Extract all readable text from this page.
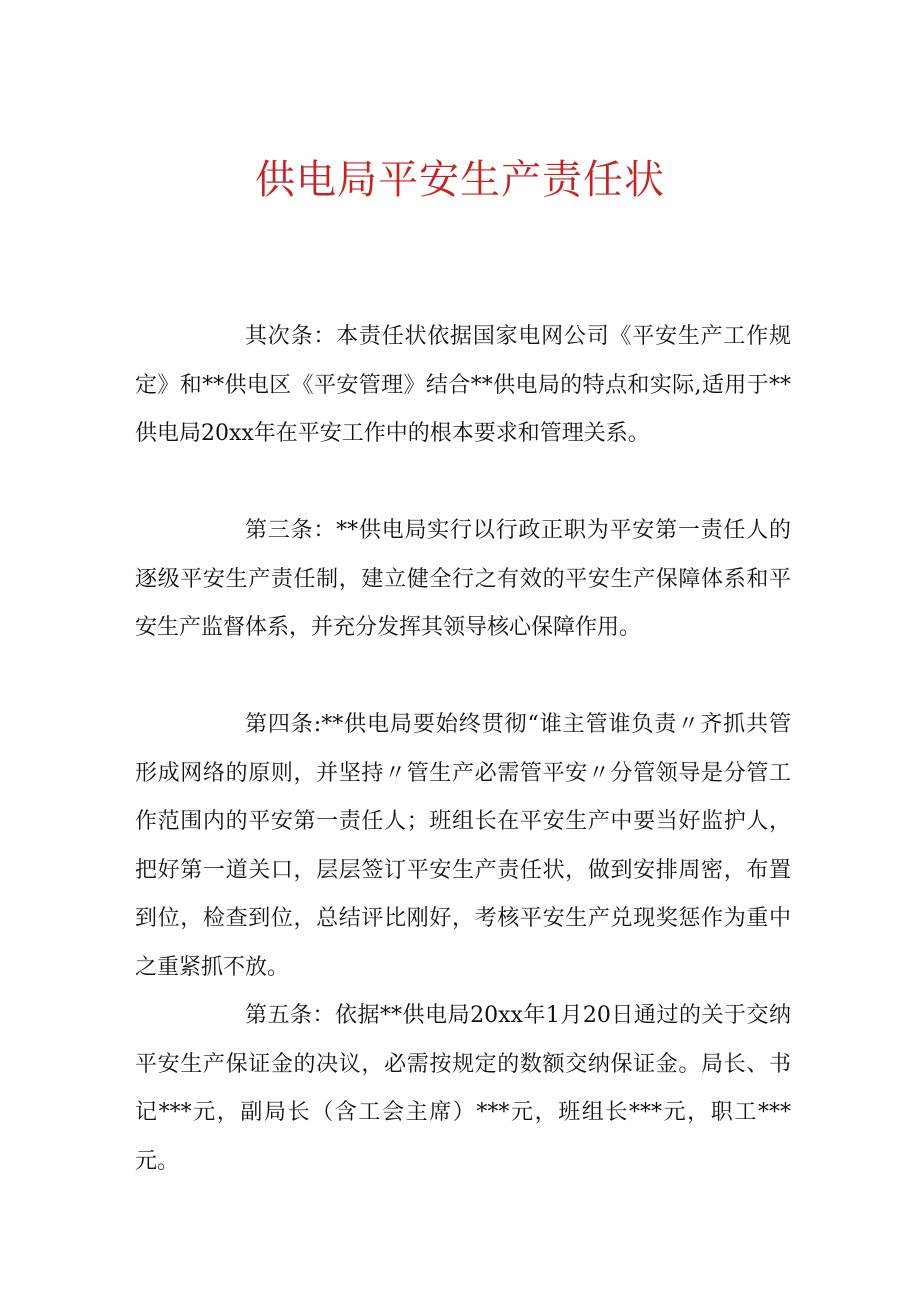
供电局平安生产责任状

其次条：本责任状依据国家电网公司《平安生产工作规定》和**供电区《平安管理》结合**供电局的特点和实际,适用于**供电局20xx年在平安工作中的根本要求和管理关系。

第三条：**供电局实行以行政正职为平安第一责任人的逐级平安生产责任制，建立健全行之有效的平安生产保障体系和平安生产监督体系，并充分发挥其领导核心保障作用。

第四条:**供电局要始终贯彻“谁主管谁负责〃齐抓共管形成网络的原则，并坚持〃管生产必需管平安〃分管领导是分管工作范围内的平安第一责任人；班组长在平安生产中要当好监护人，把好第一道关口，层层签订平安生产责任状，做到安排周密，布置到位，检查到位，总结评比刚好，考核平安生产兑现奖惩作为重中之重紧抓不放。

第五条：依据**供电局20xx年1月20日通过的关于交纳平安生产保证金的决议，必需按规定的数额交纳保证金。局长、书记***元，副局长（含工会主席）***元，班组长***元，职工***元。
